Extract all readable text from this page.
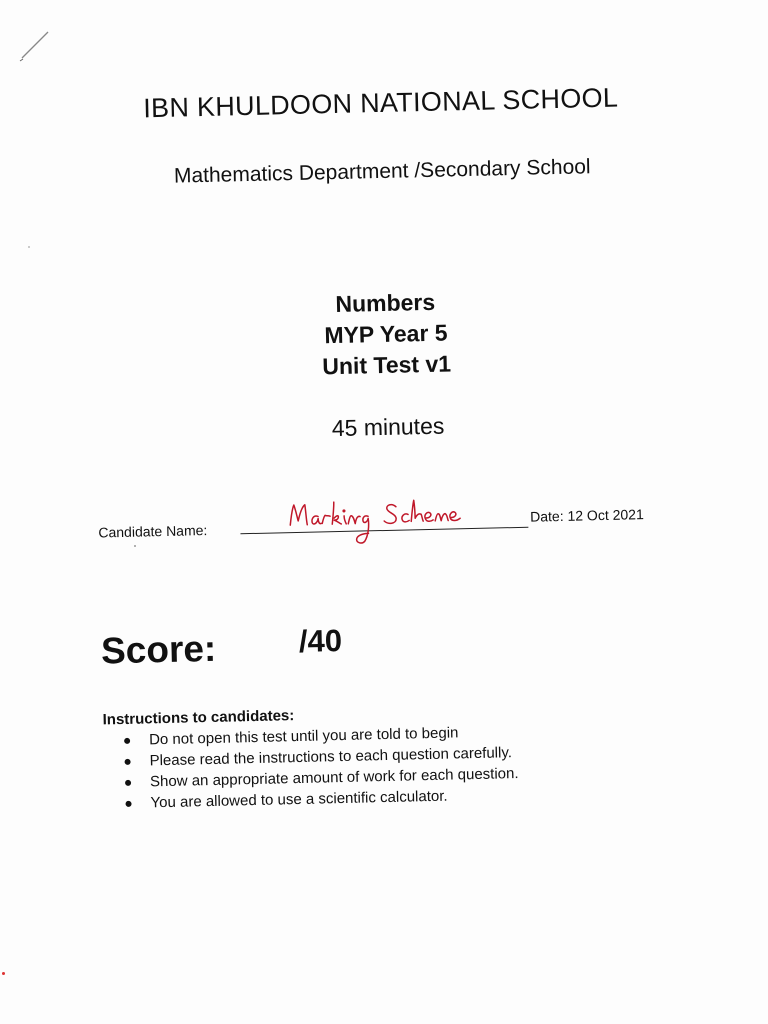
IBN KHULDOON NATIONAL SCHOOL
Mathematics Department /Secondary School
Numbers
MYP Year 5
Unit Test v1
45 minutes
Candidate Name:
Date: 12 Oct 2021
Score:	/40
Instructions to candidates:
Do not open this test until you are told to begin
Please read the instructions to each question carefully.
Show an appropriate amount of work for each question.
You are allowed to use a scientific calculator.
